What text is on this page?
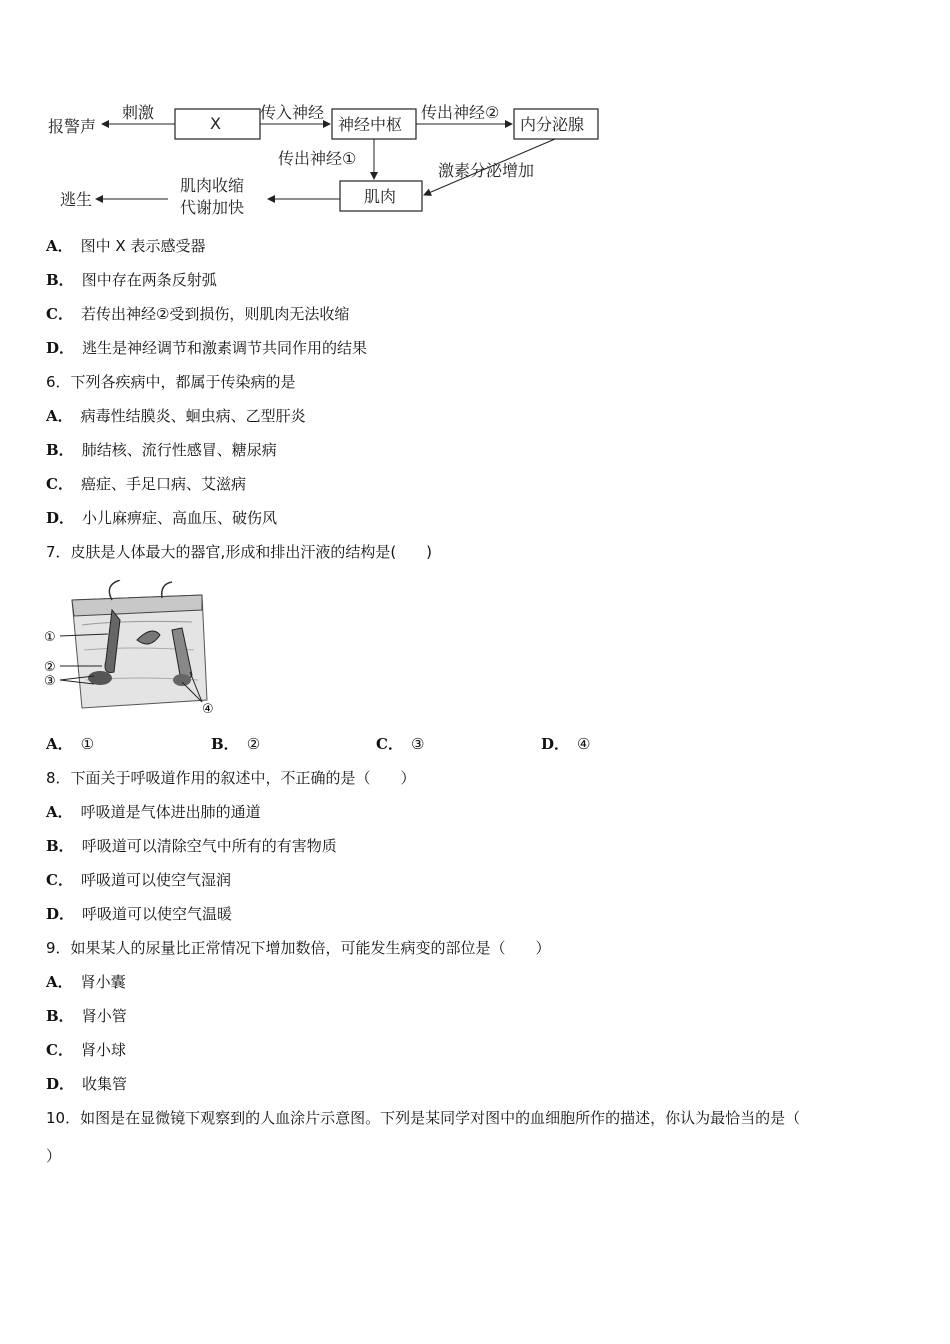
X	神经中枢	内分泌腺
肌肉
报警声
刺激	传入神经	传出神经②
传出神经①
激素分泌增加
肌肉收缩
代谢加快
逃生
A． 图中 X 表示感受器
B． 图中存在两条反射弧
C． 若传出神经②受到损伤，则肌肉无法收缩
D． 逃生是神经调节和激素调节共同作用的结果
6．下列各疾病中，都属于传染病的是
A． 病毒性结膜炎、蛔虫病、乙型肝炎
B． 肺结核、流行性感冒、糖尿病
C． 癌症、手足口病、艾滋病
D． 小儿麻痹症、高血压、破伤风
7．皮肤是人体最大的器官,形成和排出汗液的结构是(　　)
①
②
③
④
A． ①	B． ②	C． ③	D． ④
8．下面关于呼吸道作用的叙述中，不正确的是（　　）
A． 呼吸道是气体进出肺的通道
B． 呼吸道可以清除空气中所有的有害物质
C． 呼吸道可以使空气湿润
D． 呼吸道可以使空气温暖
9．如果某人的尿量比正常情况下增加数倍，可能发生病变的部位是（　　）
A． 肾小囊
B． 肾小管
C． 肾小球
D． 收集管
10．如图是在显微镜下观察到的人血涂片示意图。下列是某同学对图中的血细胞所作的描述，你认为最恰当的是（
）
